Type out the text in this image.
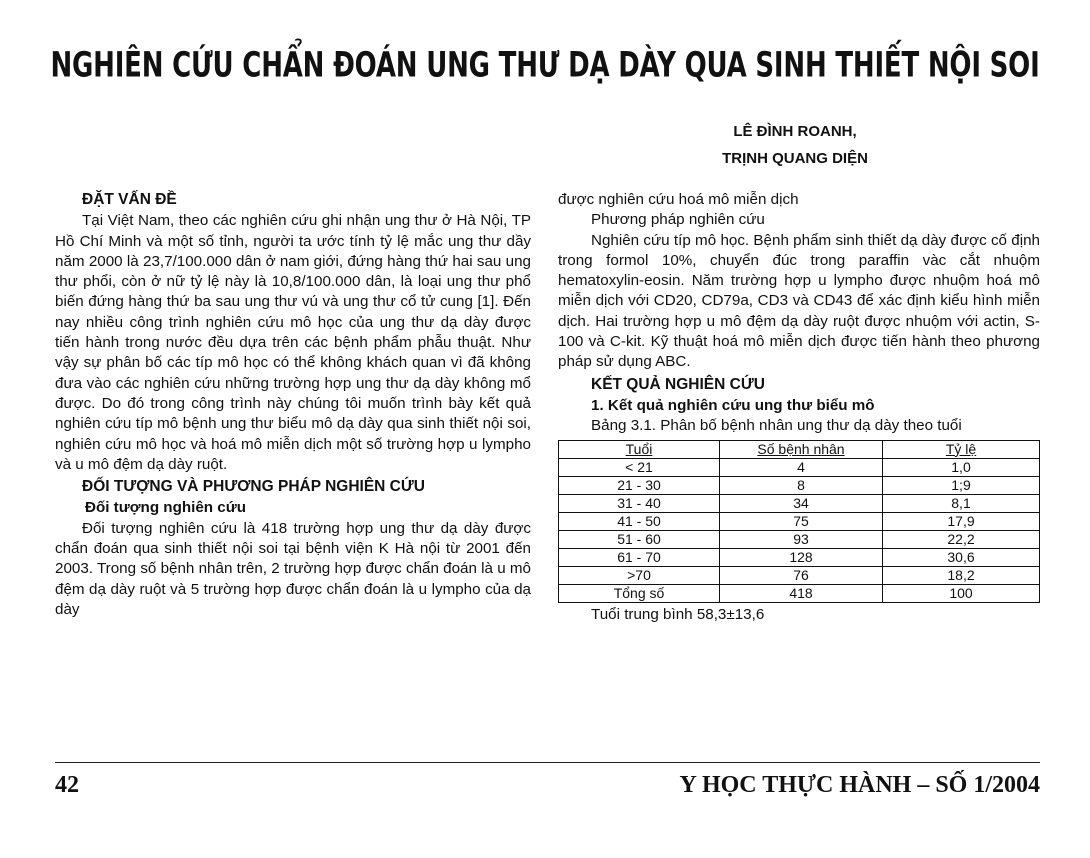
NGHIÊN CỨU CHẨN ĐOÁN UNG THƯ DẠ DÀY QUA SINH THIẾT NỘI SOI
LÊ ĐÌNH ROANH,
TRỊNH QUANG DIỆN
ĐẶT VẤN ĐỀ

Tại Việt Nam, theo các nghiên cứu ghi nhận ung thư ở Hà Nội, TP Hồ Chí Minh và một số tỉnh, người ta ước tính tỷ lệ mắc ung thư dầy năm 2000 là 23,7/100.000 dân ở nam giới, đứng hàng thứ hai sau ung thư phổi, còn ở nữ tỷ lệ này là 10,8/100.000 dân, là loại ung thư phổ biến đứng hàng thứ ba sau ung thư vú và ung thư cổ tử cung [1]. Đến nay nhiều công trình nghiên cứu mô học của ung thư dạ dày được tiến hành trong nước đều dựa trên các bệnh phẩm phẫu thuật. Như vậy sự phân bố các típ mô học có thể không khách quan vì đã không đưa vào các nghiên cứu những trường hợp ung thư dạ dày không mổ được. Do đó trong công trình này chúng tôi muốn trình bày kết quả nghiên cứu típ mô bệnh ung thư biểu mô dạ dày qua sinh thiết nội soi, nghiên cứu mô học và hoá mô miễn dịch một số trường hợp u lympho và u mô đệm dạ dày ruột.

ĐỐI TƯỢNG VÀ PHƯƠNG PHÁP NGHIÊN CỨU
Đối tượng nghiên cứu

Đối tượng nghiên cứu là 418 trường hợp ung thư dạ dày được chẩn đoán qua sinh thiết nội soi tại bệnh viện K Hà nội từ 2001 đến 2003. Trong số bệnh nhân trên, 2 trường hợp được chẩn đoán là u mô đệm dạ dày ruột và 5 trường hợp được chẩn đoán là u lympho của dạ dày

được nghiên cứu hoá mô miễn dịch

Phương pháp nghiên cứu

Nghiên cứu típ mô học. Bệnh phẩm sinh thiết dạ dày được cố định trong formol 10%, chuyển đúc trong paraffin vàc cắt nhuộm hematoxylin-eosin. Năm trường hợp u lympho được nhuộm hoá mô miễn dịch với CD20, CD79a, CD3 và CD43 để xác định kiểu hình miễn dịch. Hai trường hợp u mô đệm dạ dày ruột được nhuộm với actin, S-100 và C-kit. Kỹ thuật hoá mô miễn dịch được tiến hành theo phương pháp sử dụng ABC.

KẾT QUẢ NGHIÊN CỨU
1. Kết quả nghiên cứu ung thư biểu mô

Bảng 3.1. Phân bố bệnh nhân ung thư dạ dày theo tuổi

Tuổi	Số bệnh nhân	Tỷ lệ
< 21	4	1,0
21 - 30	8	1;9
31 - 40	34	8,1
41 - 50	75	17,9
51 - 60	93	22,2
61 - 70	128	30,6
>70	76	18,2
Tổng số	418	100
Tuổi trung bình 58,3±13,6
42	Y HỌC THỰC HÀNH – SỐ 1/2004
